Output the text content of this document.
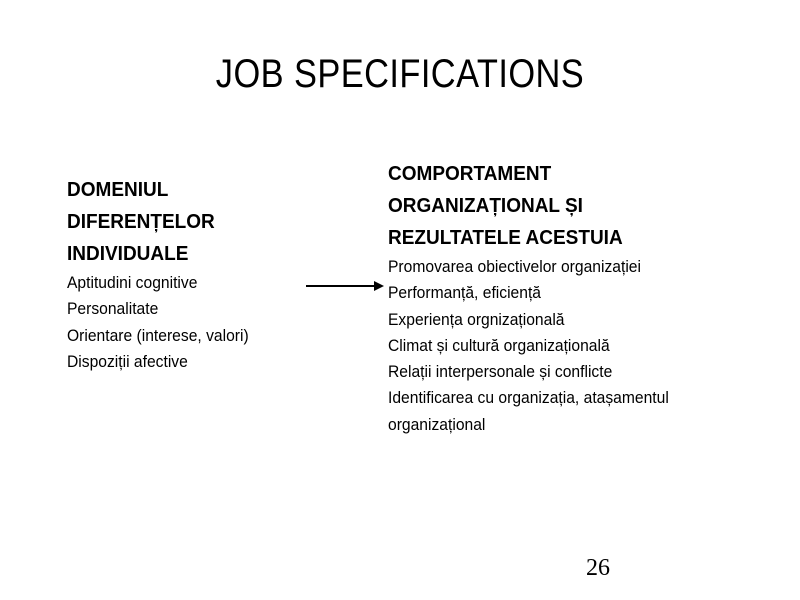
JOB SPECIFICATIONS
DOMENIUL
DIFERENȚELOR
INDIVIDUALE
Aptitudini cognitive
Personalitate
Orientare (interese, valori)
Dispoziții afective
COMPORTAMENT
ORGANIZAȚIONAL ȘI
REZULTATELE ACESTUIA
Promovarea obiectivelor organizației
Performanță, eficiență
Experiența orgnizațională
Climat și cultură organizațională
Relații interpersonale și conflicte
Identificarea cu organizația, atașamentul
organizațional
26
